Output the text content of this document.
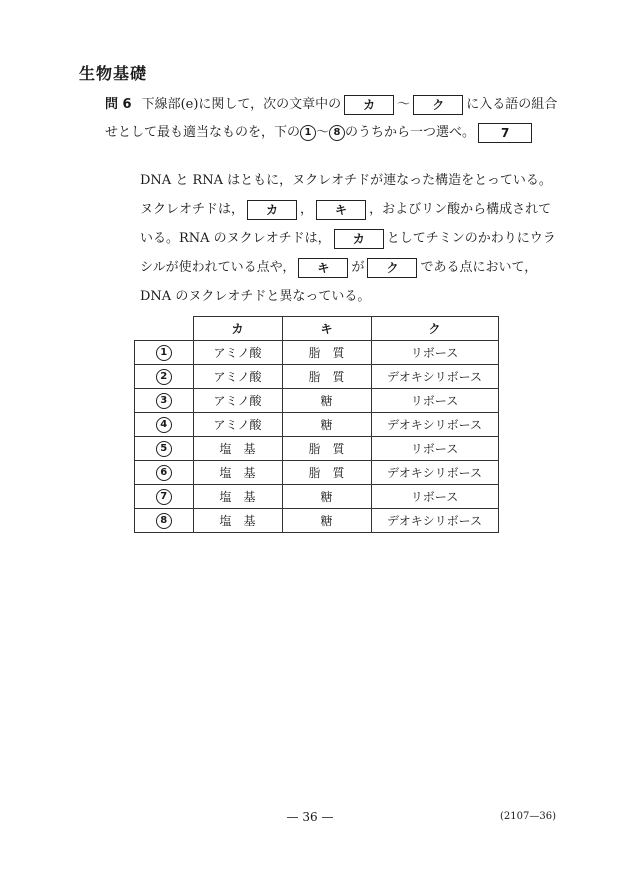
生物基礎
問 6 下線部(e)に関して，次の文章中の カ 〜 ク に入る語の組合せとして最も適当なものを，下の 1 〜 8 のうちから一つ選べ。 7
DNA と RNA はともに，ヌクレオチドが連なった構造をとっている。ヌクレオチドは， カ ， キ ，およびリン酸から構成されている。RNA のヌクレオチドは， カ としてチミンのかわりにウラシルが使われている点や， キ が ク である点において，DNA のヌクレオチドと異なっている。
	カ	キ	ク
1	アミノ酸	脂　質	リボース
2	アミノ酸	脂　質	デオキシリボース
3	アミノ酸	糖	リボース
4	アミノ酸	糖	デオキシリボース
5	塩　基	脂　質	リボース
6	塩　基	脂　質	デオキシリボース
7	塩　基	糖	リボース
8	塩　基	糖	デオキシリボース
— 36 —	(2107—36)
